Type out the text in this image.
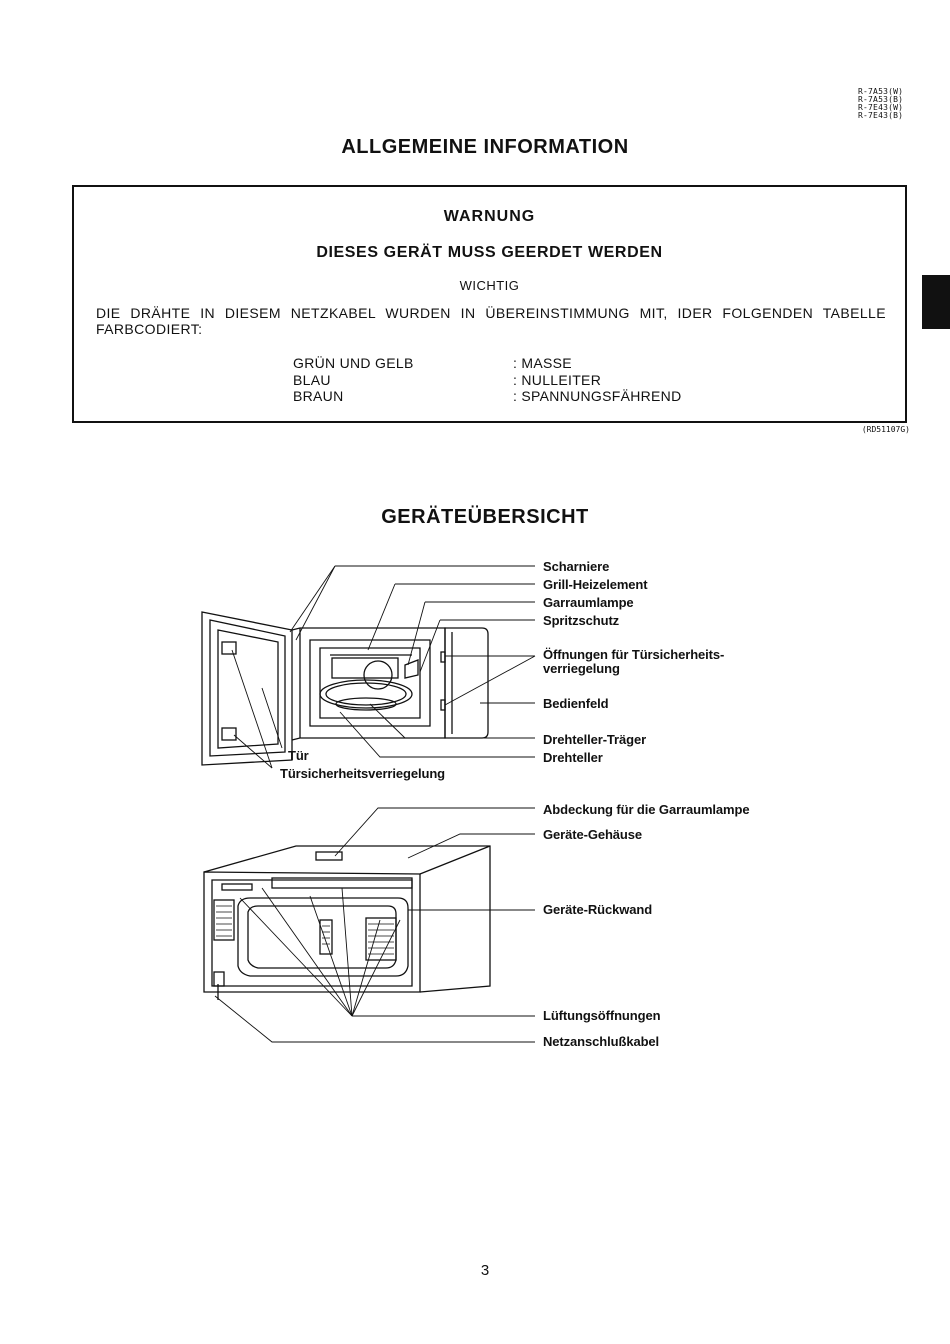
R-7A53(W)
R-7A53(B)
R-7E43(W)
R-7E43(B)
ALLGEMEINE INFORMATION
WARNUNG
DIESES GERÄT MUSS GEERDET WERDEN
WICHTIG
DIE DRÄHTE IN DIESEM NETZKABEL WURDEN IN ÜBEREINSTIMMUNG MIT, IDER FOLGENDEN TABELLE FARBCODIERT:
GRÜN UND GELB	: MASSE
BLAU	: NULLEITER
BRAUN	: SPANNUNGSFÄHREND
(RD51107G)
GERÄTEÜBERSICHT
Scharniere
Grill-Heizelement
Garraumlampe
Spritzschutz
Öffnungen für Türsicherheits-
verriegelung
Bedienfeld
Drehteller-Träger
Drehteller
Tür
Türsicherheitsverriegelung
Abdeckung für die Garraumlampe
Geräte-Gehäuse
Geräte-Rückwand
Lüftungsöffnungen
Netzanschlußkabel
3
